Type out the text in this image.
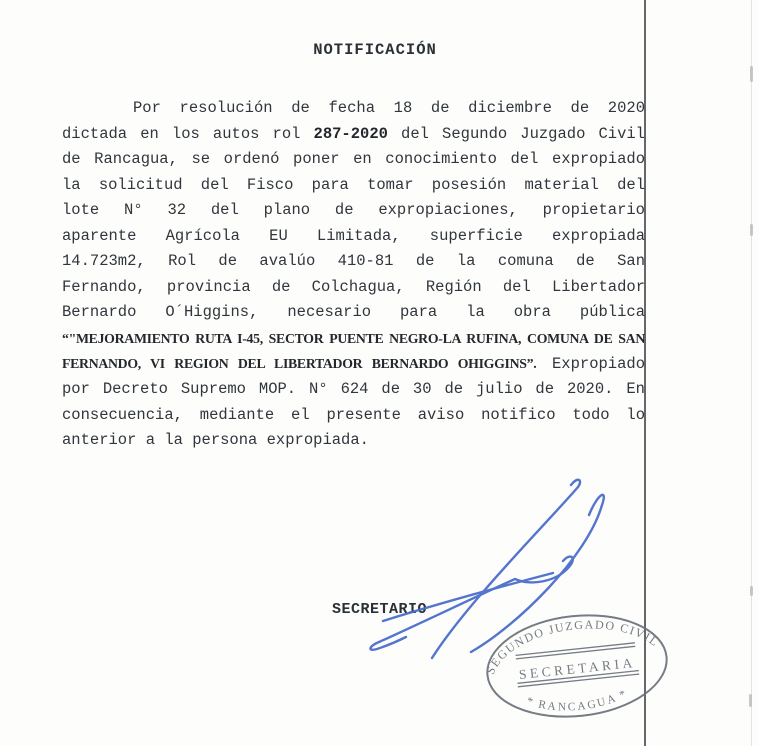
NOTIFICACIÓN
Por resolución de fecha 18 de diciembre de 2020
dictada en los autos rol 287-2020 del Segundo Juzgado Civil
de Rancagua, se ordenó poner en conocimiento del expropiado
la solicitud del Fisco para tomar posesión material del
lote N° 32 del plano de expropiaciones, propietario
aparente Agrícola EU Limitada, superficie expropiada
14.723m2, Rol de avalúo 410-81 de la comuna de San
Fernando, provincia de Colchagua, Región del Libertador
Bernardo O´Higgins, necesario para la obra pública
“"MEJORAMIENTO RUTA I-45, SECTOR PUENTE NEGRO-LA RUFINA, COMUNA DE SAN
FERNANDO, VI REGION DEL LIBERTADOR BERNARDO OHIGGINS”. Expropiado
por Decreto Supremo MOP. N° 624 de 30 de julio de 2020. En
consecuencia, mediante el presente aviso notifico todo lo
anterior a la persona expropiada.
SECRETARIO
SEGUNDO JUZGADO CIVIL
SECRETARIA
* RANCAGUA *
